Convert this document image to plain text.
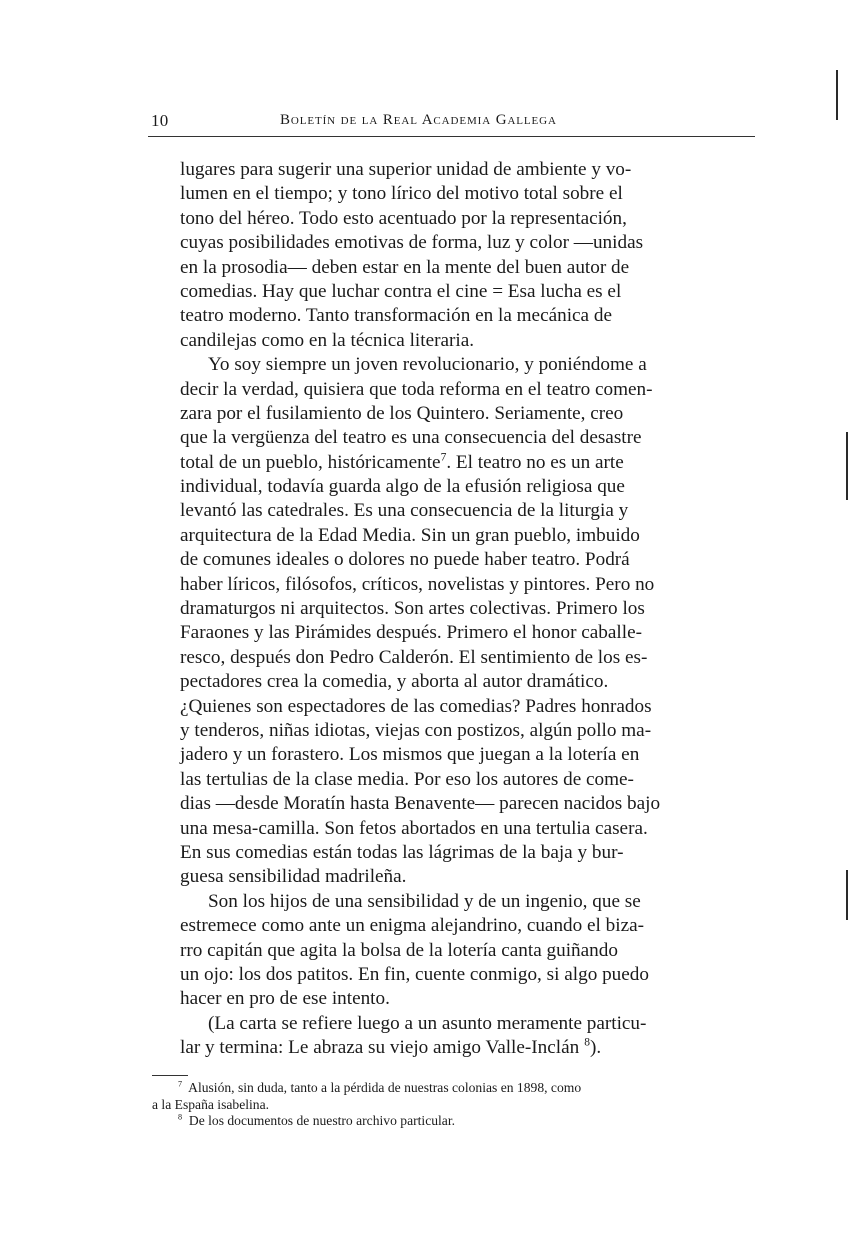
10	Boletín de la Real Academia Gallega
lugares para sugerir una superior unidad de ambiente y vo-
lumen en el tiempo; y tono lírico del motivo total sobre el
tono del héreo. Todo esto acentuado por la representación,
cuyas posibilidades emotivas de forma, luz y color —unidas
en la prosodia— deben estar en la mente del buen autor de
comedias. Hay que luchar contra el cine = Esa lucha es el
teatro moderno. Tanto transformación en la mecánica de
candilejas como en la técnica literaria.
Yo soy siempre un joven revolucionario, y poniéndome a
decir la verdad, quisiera que toda reforma en el teatro comen-
zara por el fusilamiento de los Quintero. Seriamente, creo
que la vergüenza del teatro es una consecuencia del desastre
total de un pueblo, históricamente$^7$. El teatro no es un arte
individual, todavía guarda algo de la efusión religiosa que
levantó las catedrales. Es una consecuencia de la liturgia y
arquitectura de la Edad Media. Sin un gran pueblo, imbuido
de comunes ideales o dolores no puede haber teatro. Podrá
haber líricos, filósofos, críticos, novelistas y pintores. Pero no
dramaturgos ni arquitectos. Son artes colectivas. Primero los
Faraones y las Pirámides después. Primero el honor caballe-
resco, después don Pedro Calderón. El sentimiento de los es-
pectadores crea la comedia, y aborta al autor dramático.
¿Quienes son espectadores de las comedias? Padres honrados
y tenderos, niñas idiotas, viejas con postizos, algún pollo ma-
jadero y un forastero. Los mismos que juegan a la lotería en
las tertulias de la clase media. Por eso los autores de come-
dias —desde Moratín hasta Benavente— parecen nacidos bajo
una mesa-camilla. Son fetos abortados en una tertulia casera.
En sus comedias están todas las lágrimas de la baja y bur-
guesa sensibilidad madrileña.
Son los hijos de una sensibilidad y de un ingenio, que se
estremece como ante un enigma alejandrino, cuando el biza-
rro capitán que agita la bolsa de la lotería canta guiñando
un ojo: los dos patitos. En fin, cuente conmigo, si algo puedo
hacer en pro de ese intento.
(La carta se refiere luego a un asunto meramente particu-
lar y termina: Le abraza su viejo amigo Valle-Inclán $^8$).
$^7$ Alusión, sin duda, tanto a la pérdida de nuestras colonias en 1898, como
a la España isabelina.
$^8$ De los documentos de nuestro archivo particular.
